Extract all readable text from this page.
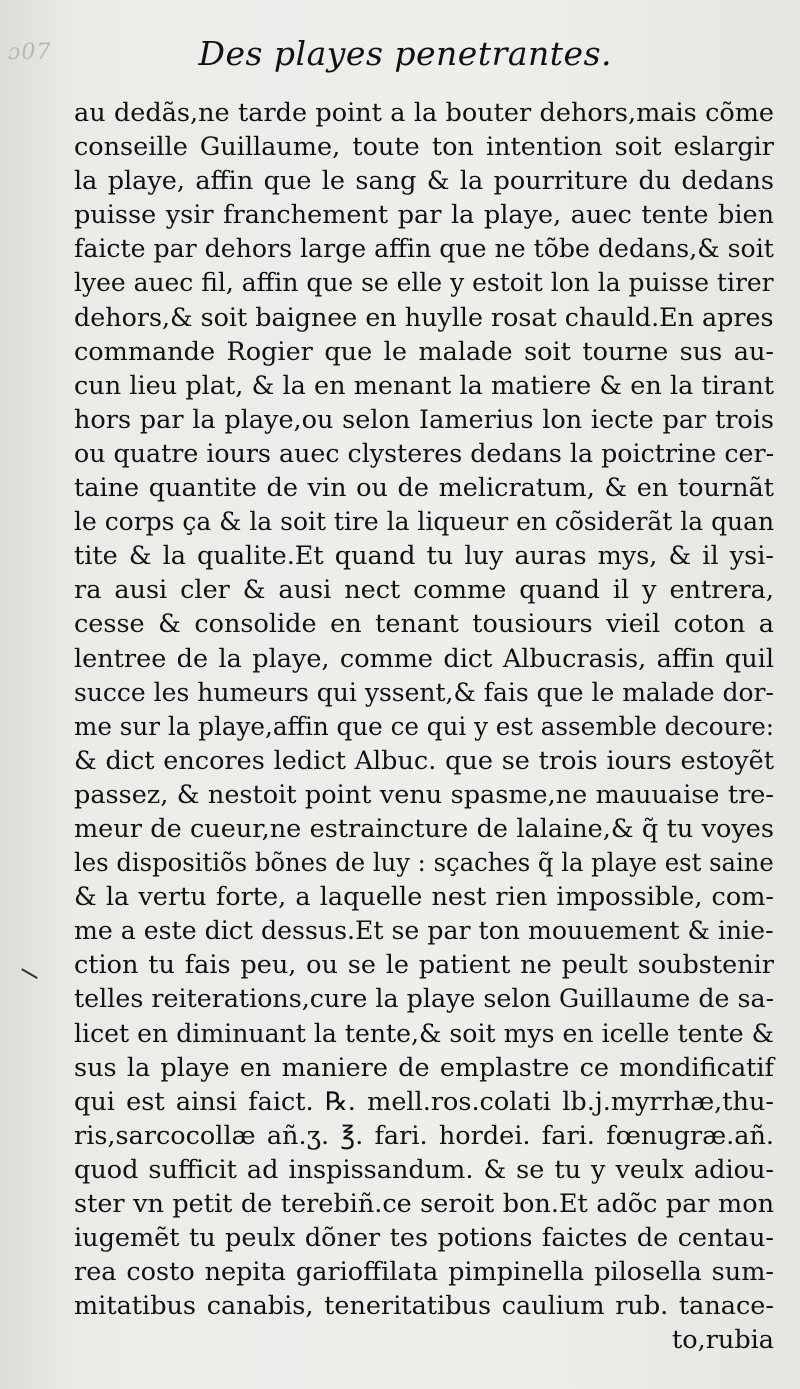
ɔ07	Des playes penetrantes.
au dedãs,ne tarde point a la bouter dehors,mais cõme
conseille Guillaume, toute ton intention soit eslargir
la playe, affin que le sang & la pourriture du dedans
puisse ysir franchement par la playe, auec tente bien
faicte par dehors large affin que ne tõbe dedans,& soit
lyee auec fil, affin que se elle y estoit lon la puisse tirer
dehors,& soit baignee en huylle rosat chauld.En apres
commande Rogier que le malade soit tourne sus au-
cun lieu plat, & la en menant la matiere & en la tirant
hors par la playe,ou selon Iamerius lon iecte par trois
ou quatre iours auec clysteres dedans la poictrine cer-
taine quantite de vin ou de melicratum, & en tournãt
le corps ça & la soit tire la liqueur en cõsiderãt la quan
tite & la qualite.Et quand tu luy auras mys, & il ysi-
ra ausi cler & ausi nect comme quand il y entrera,
cesse & consolide en tenant tousiours vieil coton a
lentree de la playe, comme dict Albucrasis, affin quil
succe les humeurs qui yssent,& fais que le malade dor-
me sur la playe,affin que ce qui y est assemble decoure:
& dict encores ledict Albuc. que se trois iours estoyẽt
passez, & nestoit point venu spasme,ne mauuaise tre-
meur de cueur,ne estraincture de lalaine,& q̃ tu voyes
les dispositiõs bõnes de luy : sçaches q̃ la playe est saine
& la vertu forte, a laquelle nest rien impossible, com-
me a este dict dessus.Et se par ton mouuement & inie-
ction tu fais peu, ou se le patient ne peult soubstenir
telles reiterations,cure la playe selon Guillaume de sa-
licet en diminuant la tente,& soit mys en icelle tente &
sus la playe en maniere de emplastre ce mondificatif
qui est ainsi faict. ℞. mell.ros.colati lb.j.myrrhæ,thu-
ris,sarcocollæ añ.ʒ. ℥. fari. hordei. fari. fœnugræ.añ.
quod sufficit ad inspissandum. & se tu y veulx adiou-
ster vn petit de terebiñ.ce seroit bon.Et adõc par mon
iugemẽt tu peulx dõner tes potions faictes de centau-
rea costo nepita garioffilata pimpinella pilosella sum-
mitatibus canabis, teneritatibus caulium rub. tanace-
to,rubia
